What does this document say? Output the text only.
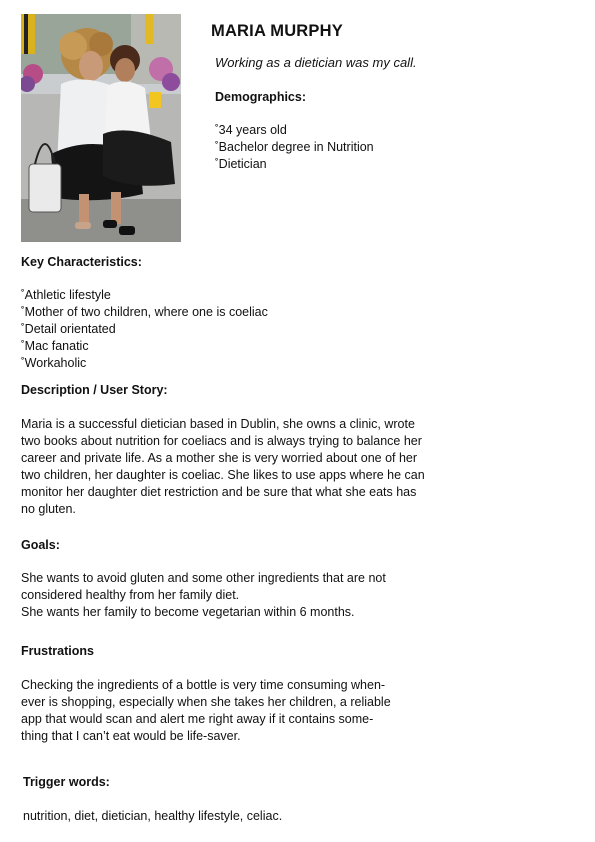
MARIA MURPHY

Working as a dietician was my call.

Demographics:
˚ 34 years old
˚ Bachelor degree in Nutrition
˚ Dietician
Key Characteristics:
˚ Athletic lifestyle
˚ Mother of two children, where one is coeliac
˚ Detail orientated
˚ Mac fanatic
˚ Workaholic
Description / User Story:
Maria is a successful dietician based in Dublin, she owns a clinic, wrote
two books about nutrition for coeliacs and is always trying to balance her
career and private life. As a mother she is very worried about one of her
two children, her daughter is coeliac. She likes to use apps where he can
monitor her daughter diet restriction and be sure that what she eats has
no gluten.
Goals:
She wants to avoid gluten and some other ingredients that are not
considered healthy from her family diet.
She wants her family to become vegetarian within 6 months.
Frustrations
Checking the ingredients of a bottle is very time consuming when-
ever is shopping, especially when she takes her children, a reliable
app that would scan and alert me right away if it contains some-
thing that I can’t eat would be life-saver.
Trigger words:

nutrition, diet, dietician, healthy lifestyle, celiac.
